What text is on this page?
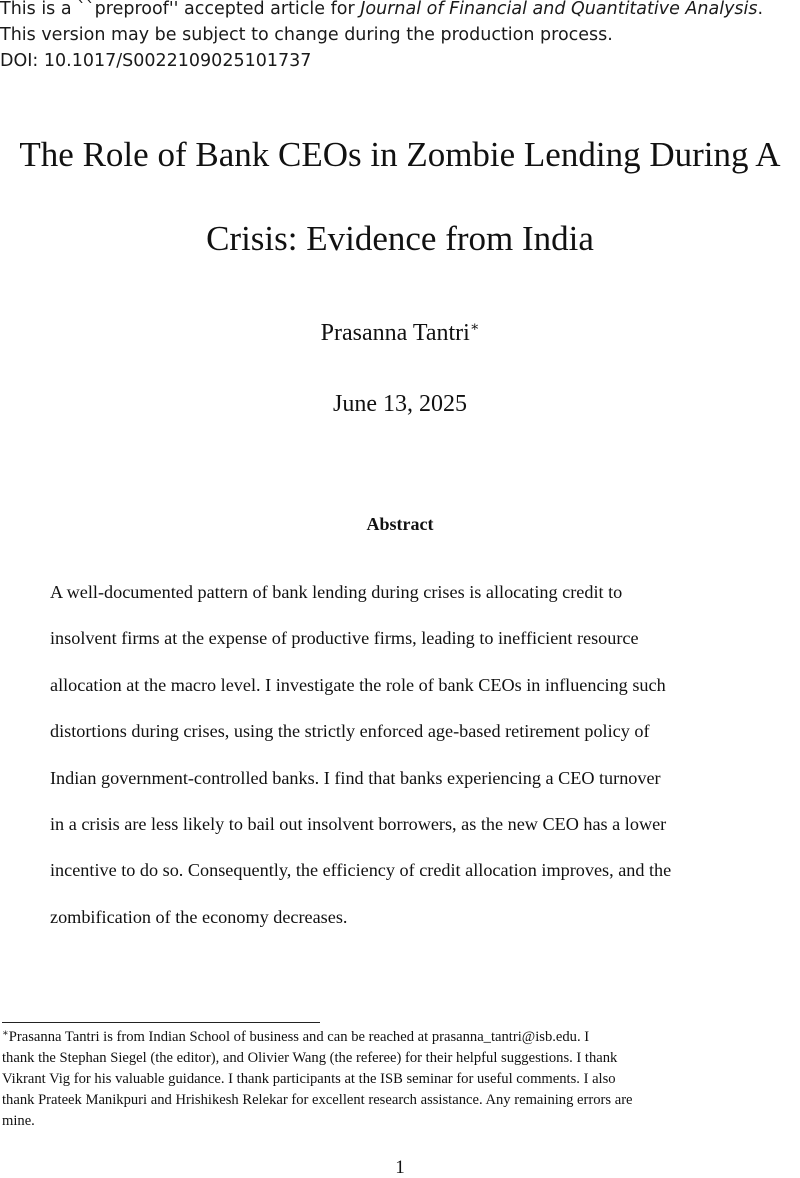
This is a ``preproof'' accepted article for Journal of Financial and Quantitative Analysis.
This version may be subject to change during the production process.
DOI: 10.1017/S0022109025101737
The Role of Bank CEOs in Zombie Lending During A
Crisis: Evidence from India
Prasanna Tantri∗
June 13, 2025
Abstract
A well-documented pattern of bank lending during crises is allocating credit to
insolvent firms at the expense of productive firms, leading to inefficient resource
allocation at the macro level. I investigate the role of bank CEOs in influencing such
distortions during crises, using the strictly enforced age-based retirement policy of
Indian government-controlled banks. I find that banks experiencing a CEO turnover
in a crisis are less likely to bail out insolvent borrowers, as the new CEO has a lower
incentive to do so. Consequently, the efficiency of credit allocation improves, and the
zombification of the economy decreases.
∗Prasanna Tantri is from Indian School of business and can be reached at prasanna_tantri@isb.edu. I
thank the Stephan Siegel (the editor), and Olivier Wang (the referee) for their helpful suggestions. I thank
Vikrant Vig for his valuable guidance. I thank participants at the ISB seminar for useful comments. I also
thank Prateek Manikpuri and Hrishikesh Relekar for excellent research assistance. Any remaining errors are
mine.
1
